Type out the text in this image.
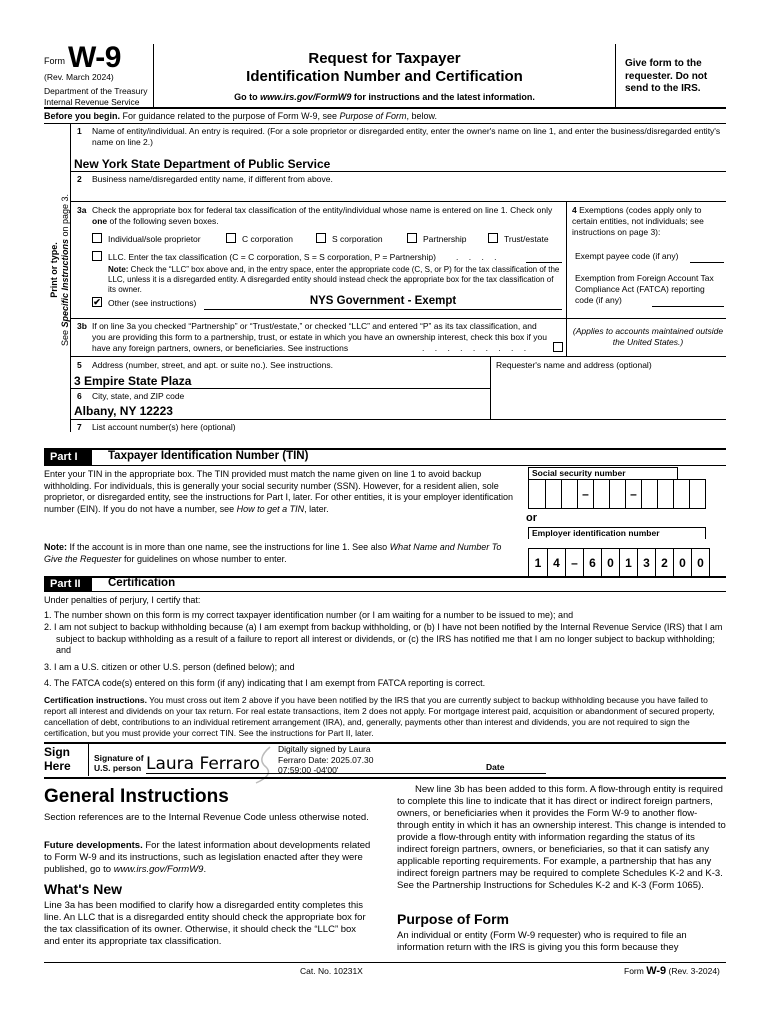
Form W-9
(Rev. March 2024)
Department of the Treasury
Internal Revenue Service
Request for Taxpayer
Identification Number and Certification
Go to www.irs.gov/FormW9 for instructions and the latest information.
Give form to the requester. Do not send to the IRS.
Before you begin. For guidance related to the purpose of Form W-9, see Purpose of Form, below.
Print or type.
See Specific Instructions on page 3.
1 Name of entity/individual. An entry is required. (For a sole proprietor or disregarded entity, enter the owner's name on line 1, and enter the business/disregarded entity's name on line 2.)
New York State Department of Public Service
2 Business name/disregarded entity name, if different from above.
3a Check the appropriate box for federal tax classification of the entity/individual whose name is entered on line 1. Check only one of the following seven boxes.
Individual/sole proprietor	C corporation	S corporation	Partnership	Trust/estate
LLC. Enter the tax classification (C = C corporation, S = S corporation, P = Partnership) . . . .
Note: Check the “LLC” box above and, in the entry space, enter the appropriate code (C, S, or P) for the tax classification of the LLC, unless it is a disregarded entity. A disregarded entity should instead check the appropriate box for the tax classification of its owner.
✔ Other (see instructions)	NYS Government - Exempt
4 Exemptions (codes apply only to certain entities, not individuals; see instructions on page 3):
Exempt payee code (if any)
Exemption from Foreign Account Tax Compliance Act (FATCA) reporting code (if any)
3b If on line 3a you checked “Partnership” or “Trust/estate,” or checked “LLC” and entered “P” as its tax classification, and you are providing this form to a partnership, trust, or estate in which you have an ownership interest, check this box if you have any foreign partners, owners, or beneficiaries. See instructions	. . . . . . . . .
(Applies to accounts maintained outside the United States.)
5 Address (number, street, and apt. or suite no.). See instructions.	Requester's name and address (optional)
3 Empire State Plaza
6 City, state, and ZIP code
Albany, NY 12223
7 List account number(s) here (optional)
Part I	Taxpayer Identification Number (TIN)
Enter your TIN in the appropriate box. The TIN provided must match the name given on line 1 to avoid backup withholding. For individuals, this is generally your social security number (SSN). However, for a resident alien, sole proprietor, or disregarded entity, see the instructions for Part I, later. For other entities, it is your employer identification number (EIN). If you do not have a number, see How to get a TIN, later.
Note: If the account is in more than one name, see the instructions for line 1. See also What Name and Number To Give the Requester for guidelines on whose number to enter.
Social security number
–	–
or
Employer identification number
1 4 – 6 0 1 3 2 0 0
Part II	Certification
Under penalties of perjury, I certify that:
1. The number shown on this form is my correct taxpayer identification number (or I am waiting for a number to be issued to me); and
2. I am not subject to backup withholding because (a) I am exempt from backup withholding, or (b) I have not been notified by the Internal Revenue Service (IRS) that I am subject to backup withholding as a result of a failure to report all interest or dividends, or (c) the IRS has notified me that I am no longer subject to backup withholding; and
3. I am a U.S. citizen or other U.S. person (defined below); and
4. The FATCA code(s) entered on this form (if any) indicating that I am exempt from FATCA reporting is correct.
Certification instructions. You must cross out item 2 above if you have been notified by the IRS that you are currently subject to backup withholding because you have failed to report all interest and dividends on your tax return. For real estate transactions, item 2 does not apply. For mortgage interest paid, acquisition or abandonment of secured property, cancellation of debt, contributions to an individual retirement arrangement (IRA), and, generally, payments other than interest and dividends, you are not required to sign the certification, but you must provide your correct TIN. See the instructions for Part II, later.
Sign
Here
Signature of
U.S. person Laura Ferraro
Digitally signed by Laura Ferraro Date: 2025.07.30 07:59:00 -04'00'	Date
General Instructions
Section references are to the Internal Revenue Code unless otherwise noted.
Future developments. For the latest information about developments related to Form W-9 and its instructions, such as legislation enacted after they were published, go to www.irs.gov/FormW9.
What's New
Line 3a has been modified to clarify how a disregarded entity completes this line. An LLC that is a disregarded entity should check the appropriate box for the tax classification of its owner. Otherwise, it should check the “LLC” box and enter its appropriate tax classification.
New line 3b has been added to this form. A flow-through entity is required to complete this line to indicate that it has direct or indirect foreign partners, owners, or beneficiaries when it provides the Form W-9 to another flow-through entity in which it has an ownership interest. This change is intended to provide a flow-through entity with information regarding the status of its indirect foreign partners, owners, or beneficiaries, so that it can satisfy any applicable reporting requirements. For example, a partnership that has any indirect foreign partners may be required to complete Schedules K-2 and K-3. See the Partnership Instructions for Schedules K-2 and K-3 (Form 1065).
Purpose of Form
An individual or entity (Form W-9 requester) who is required to file an information return with the IRS is giving you this form because they
Cat. No. 10231X	Form W-9 (Rev. 3-2024)
